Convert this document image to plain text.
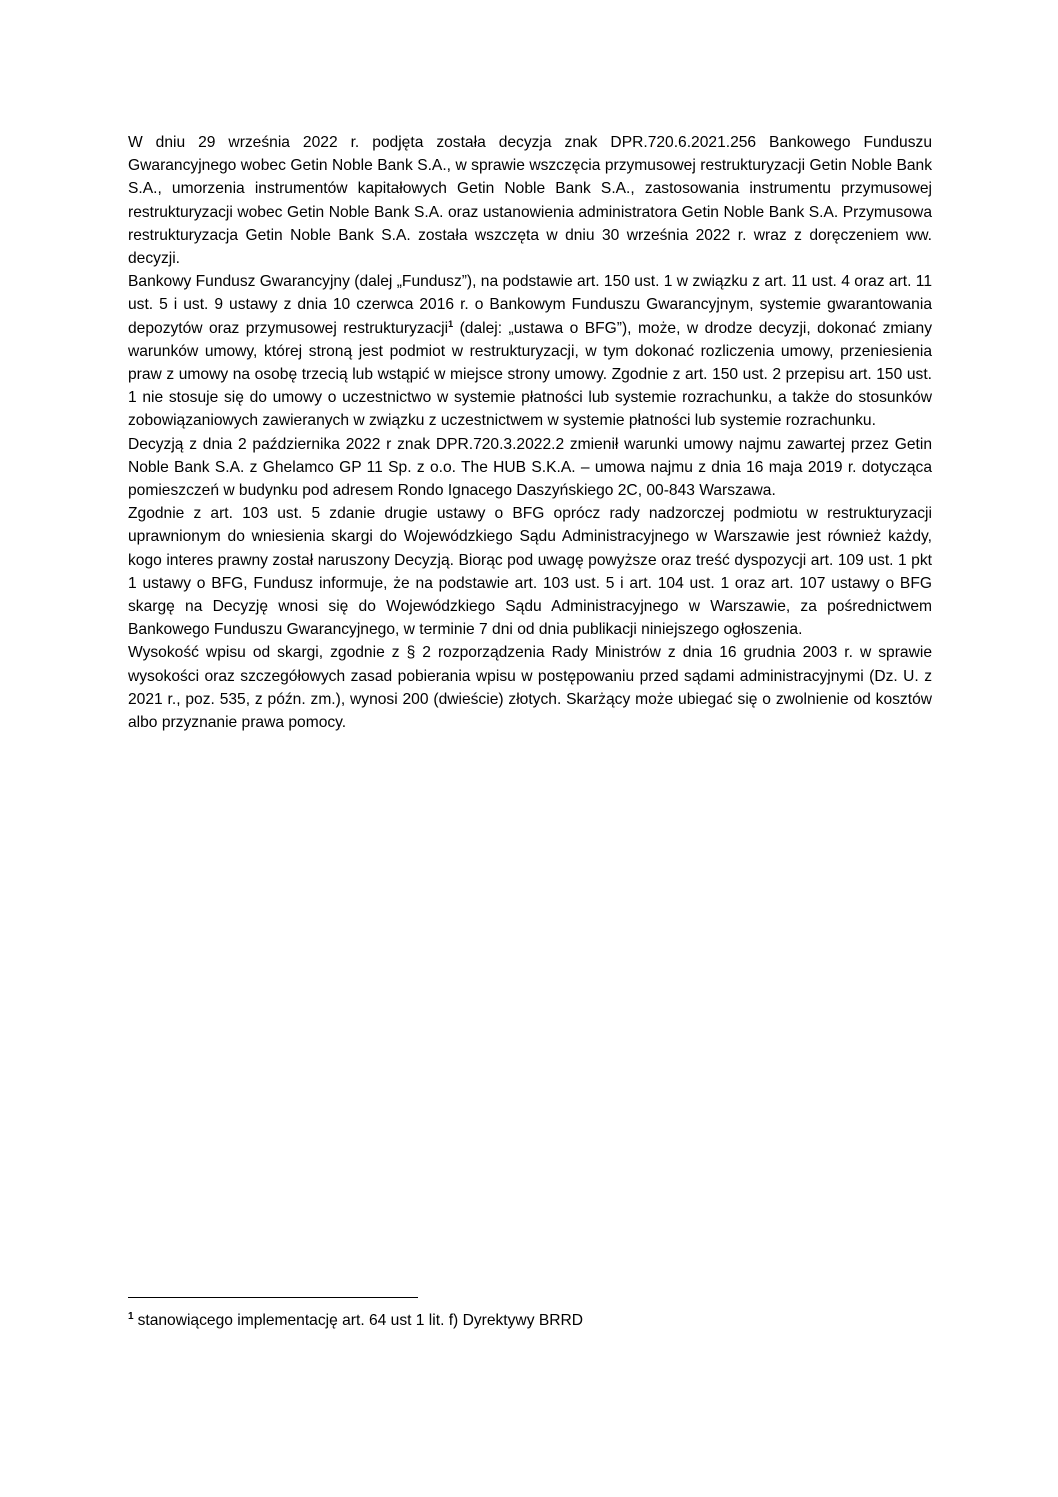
W dniu 29 września 2022 r. podjęta została decyzja znak DPR.720.6.2021.256 Bankowego Funduszu Gwarancyjnego wobec Getin Noble Bank S.A., w sprawie wszczęcia przymusowej restrukturyzacji Getin Noble Bank S.A., umorzenia instrumentów kapitałowych Getin Noble Bank S.A., zastosowania instrumentu przymusowej restrukturyzacji wobec Getin Noble Bank S.A. oraz ustanowienia administratora Getin Noble Bank S.A. Przymusowa restrukturyzacja Getin Noble Bank S.A. została wszczęta w dniu 30 września 2022 r. wraz z doręczeniem ww. decyzji.

Bankowy Fundusz Gwarancyjny (dalej „Fundusz”), na podstawie art. 150 ust. 1 w związku z art. 11 ust. 4 oraz art. 11 ust. 5 i ust. 9 ustawy z dnia 10 czerwca 2016 r. o Bankowym Funduszu Gwarancyjnym, systemie gwarantowania depozytów oraz przymusowej restrukturyzacji$^1$ (dalej: „ustawa o BFG”), może, w drodze decyzji, dokonać zmiany warunków umowy, której stroną jest podmiot w restrukturyzacji, w tym dokonać rozliczenia umowy, przeniesienia praw z umowy na osobę trzecią lub wstąpić w miejsce strony umowy. Zgodnie z art. 150 ust. 2 przepisu art. 150 ust. 1 nie stosuje się do umowy o uczestnictwo w systemie płatności lub systemie rozrachunku, a także do stosunków zobowiązaniowych zawieranych w związku z uczestnictwem w systemie płatności lub systemie rozrachunku.

Decyzją z dnia 2 października 2022 r znak DPR.720.3.2022.2 zmienił warunki umowy najmu zawartej przez Getin Noble Bank S.A. z Ghelamco GP 11 Sp. z o.o. The HUB S.K.A. – umowa najmu z dnia 16 maja 2019 r. dotycząca pomieszczeń w budynku pod adresem Rondo Ignacego Daszyńskiego 2C, 00-843 Warszawa.

Zgodnie z art. 103 ust. 5 zdanie drugie ustawy o BFG oprócz rady nadzorczej podmiotu w restrukturyzacji uprawnionym do wniesienia skargi do Wojewódzkiego Sądu Administracyjnego w Warszawie jest również każdy, kogo interes prawny został naruszony Decyzją. Biorąc pod uwagę powyższe oraz treść dyspozycji art. 109 ust. 1 pkt 1 ustawy o BFG, Fundusz informuje, że na podstawie art. 103 ust. 5 i art. 104 ust. 1 oraz art. 107 ustawy o BFG skargę na Decyzję wnosi się do Wojewódzkiego Sądu Administracyjnego w Warszawie, za pośrednictwem Bankowego Funduszu Gwarancyjnego, w terminie 7 dni od dnia publikacji niniejszego ogłoszenia.

Wysokość wpisu od skargi, zgodnie z § 2 rozporządzenia Rady Ministrów z dnia 16 grudnia 2003 r. w sprawie wysokości oraz szczegółowych zasad pobierania wpisu w postępowaniu przed sądami administracyjnymi (Dz. U. z 2021 r., poz. 535, z późn. zm.), wynosi 200 (dwieście) złotych. Skarżący może ubiegać się o zwolnienie od kosztów albo przyznanie prawa pomocy.

$^1$ stanowiącego implementację art. 64 ust 1 lit. f) Dyrektywy BRRD
